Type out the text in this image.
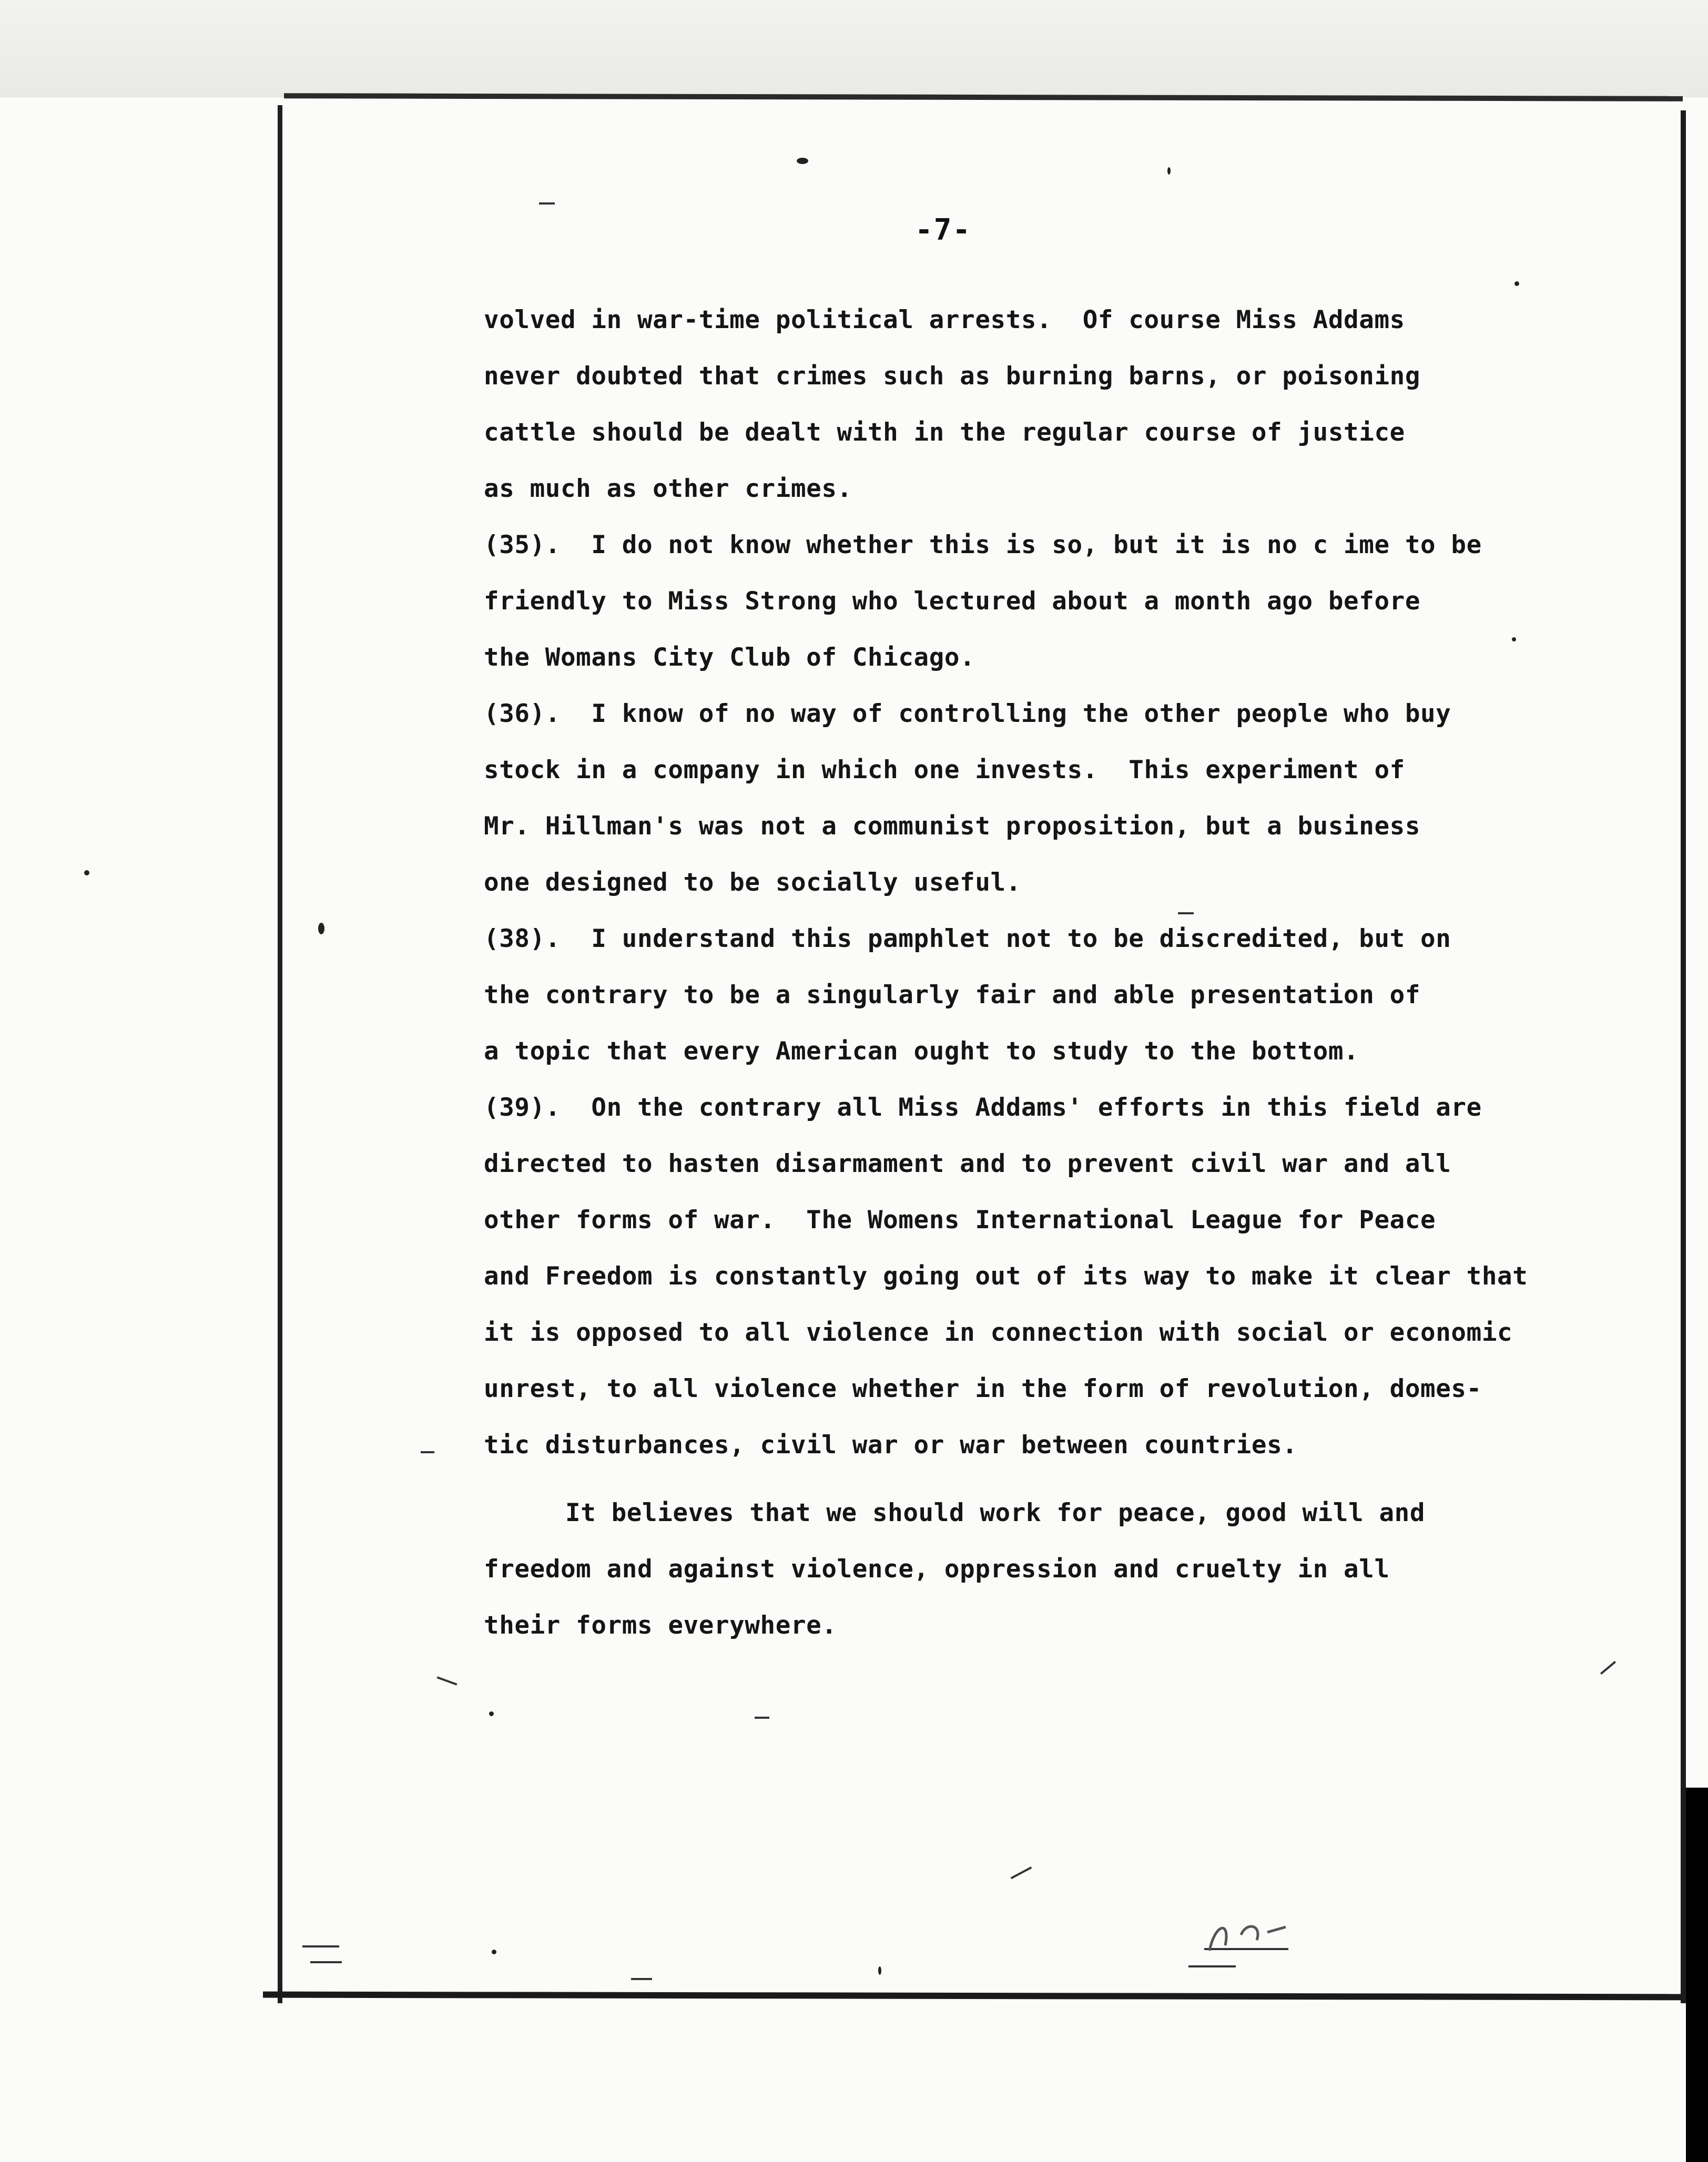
-7-
volved in war-time political arrests.  Of course Miss Addams
never doubted that crimes such as burning barns, or poisoning
cattle should be dealt with in the regular course of justice
as much as other crimes.
(35).  I do not know whether this is so, but it is no c ime to be
friendly to Miss Strong who lectured about a month ago before
the Womans City Club of Chicago.
(36).  I know of no way of controlling the other people who buy
stock in a company in which one invests.  This experiment of
Mr. Hillman's was not a communist proposition, but a business
one designed to be socially useful.
(38).  I understand this pamphlet not to be discredited, but on
the contrary to be a singularly fair and able presentation of
a topic that every American ought to study to the bottom.
(39).  On the contrary all Miss Addams' efforts in this field are
directed to hasten disarmament and to prevent civil war and all
other forms of war.  The Womens International League for Peace
and Freedom is constantly going out of its way to make it clear that
it is opposed to all violence in connection with social or economic
unrest, to all violence whether in the form of revolution, domes-
tic disturbances, civil war or war between countries.
It believes that we should work for peace, good will and
freedom and against violence, oppression and cruelty in all
their forms everywhere.
